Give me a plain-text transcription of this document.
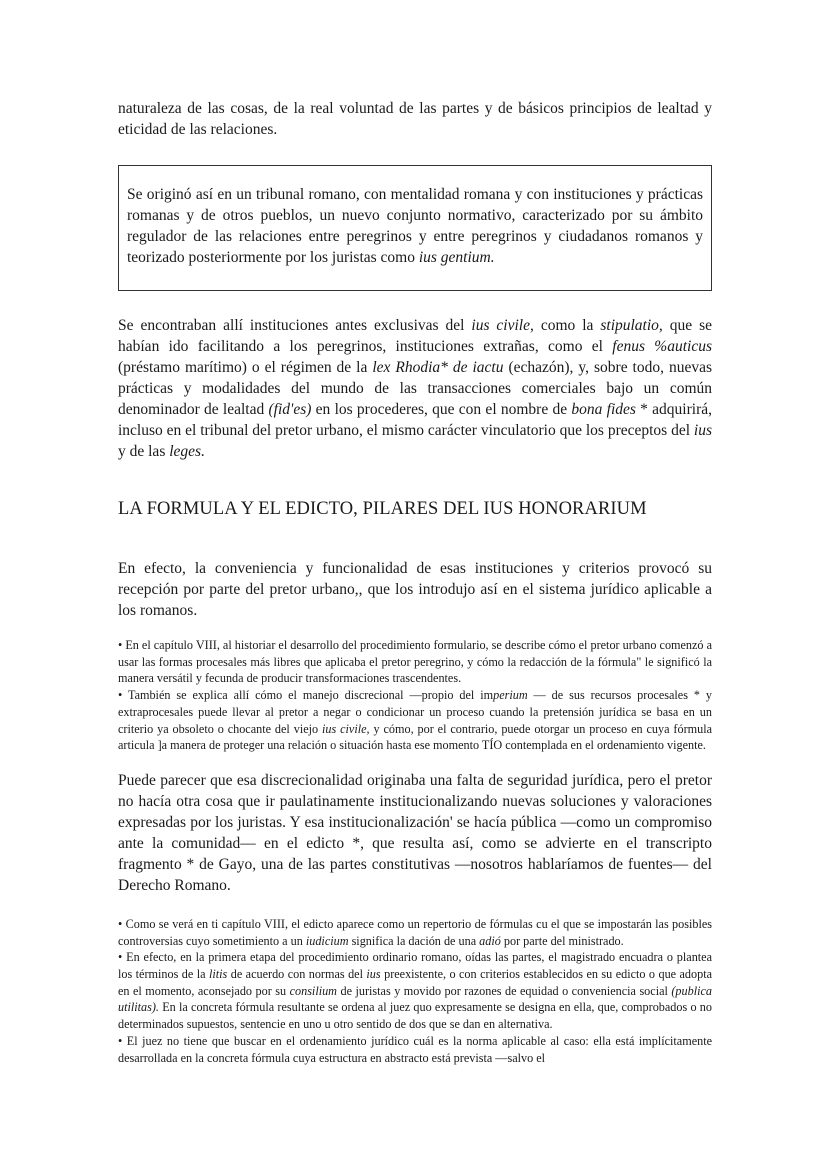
naturaleza de las cosas, de la real voluntad de las partes y de básicos principios de lealtad y eticidad de las relaciones.

Se originó así en un tribunal romano, con mentalidad romana y con instituciones y prácticas romanas y de otros pueblos, un nuevo conjunto normativo, caracterizado por su ámbito regulador de las relaciones entre peregrinos y entre peregrinos y ciudadanos romanos y teorizado posteriormente por los juristas como ius gentium.

Se encontraban allí instituciones antes exclusivas del ius civile, como la stipulatio, que se habían ido facilitando a los peregrinos, instituciones extrañas, como el fenus %auticus (préstamo marítimo) o el régimen de la lex Rhodia* de iactu (echazón), y, sobre todo, nuevas prácticas y modalidades del mundo de las transacciones comerciales bajo un común denominador de lealtad (fid'es) en los procederes, que con el nombre de bona fides * adquirirá, incluso en el tribunal del pretor urbano, el mismo carácter vinculatorio que los preceptos del ius y de las leges.

LA FORMULA Y EL EDICTO, PILARES DEL IUS HONORARIUM

En efecto, la conveniencia y funcionalidad de esas instituciones y criterios provocó su recepción por parte del pretor urbano,, que los introdujo así en el sistema jurídico aplicable a los romanos.

• En el capítulo VIII, al historiar el desarrollo del procedimiento formulario, se describe cómo el pretor urbano comenzó a usar las formas procesales más libres que aplicaba el pretor peregrino, y cómo la redacción de la fórmula" le significó la manera versátil y fecunda de producir transformaciones trascendentes.

• También se explica allí cómo el manejo discrecional —propio del imperium — de sus recursos procesales * y extraprocesales puede llevar al pretor a negar o condicionar un proceso cuando la pretensión jurídica se basa en un criterio ya obsoleto o chocante del viejo ius civile, y cómo, por el contrario, puede otorgar un proceso en cuya fórmula articula ]a manera de proteger una relación o situación hasta ese momento TÍO contemplada en el ordenamiento vigente.

Puede parecer que esa discrecionalidad originaba una falta de seguridad jurídica, pero el pretor no hacía otra cosa que ir paulatinamente institucionalizando nuevas soluciones y valoraciones expresadas por los juristas. Y esa institucionalización' se hacía pública —como un compromiso ante la comunidad— en el edicto *, que resulta así, como se advierte en el transcripto fragmento * de Gayo, una de las partes constitutivas —nosotros hablaríamos de fuentes— del Derecho Romano.

• Como se verá en ti capítulo VIII, el edicto aparece como un repertorio de fórmulas cu el que se impostarán las posibles controversias cuyo sometimiento a un iudicium significa la dación de una adió por parte del ministrado.

• En efecto, en la primera etapa del procedimiento ordinario romano, oídas las partes, el magistrado encuadra o plantea los términos de la litis de acuerdo con normas del ius preexistente, o con criterios establecidos en su edicto o que adopta en el momento, aconsejado por su consilium de juristas y movido por razones de equidad o conveniencia social (publica utilitas). En la concreta fórmula resultante se ordena al juez quo expresamente se designa en ella, que, comprobados o no determinados supuestos, sentencie en uno u otro sentido de dos que se dan en alternativa.

• El juez no tiene que buscar en el ordenamiento jurídico cuál es la norma aplicable al caso: ella está implícitamente desarrollada en la concreta fórmula cuya estructura en abstracto está prevista —salvo el
